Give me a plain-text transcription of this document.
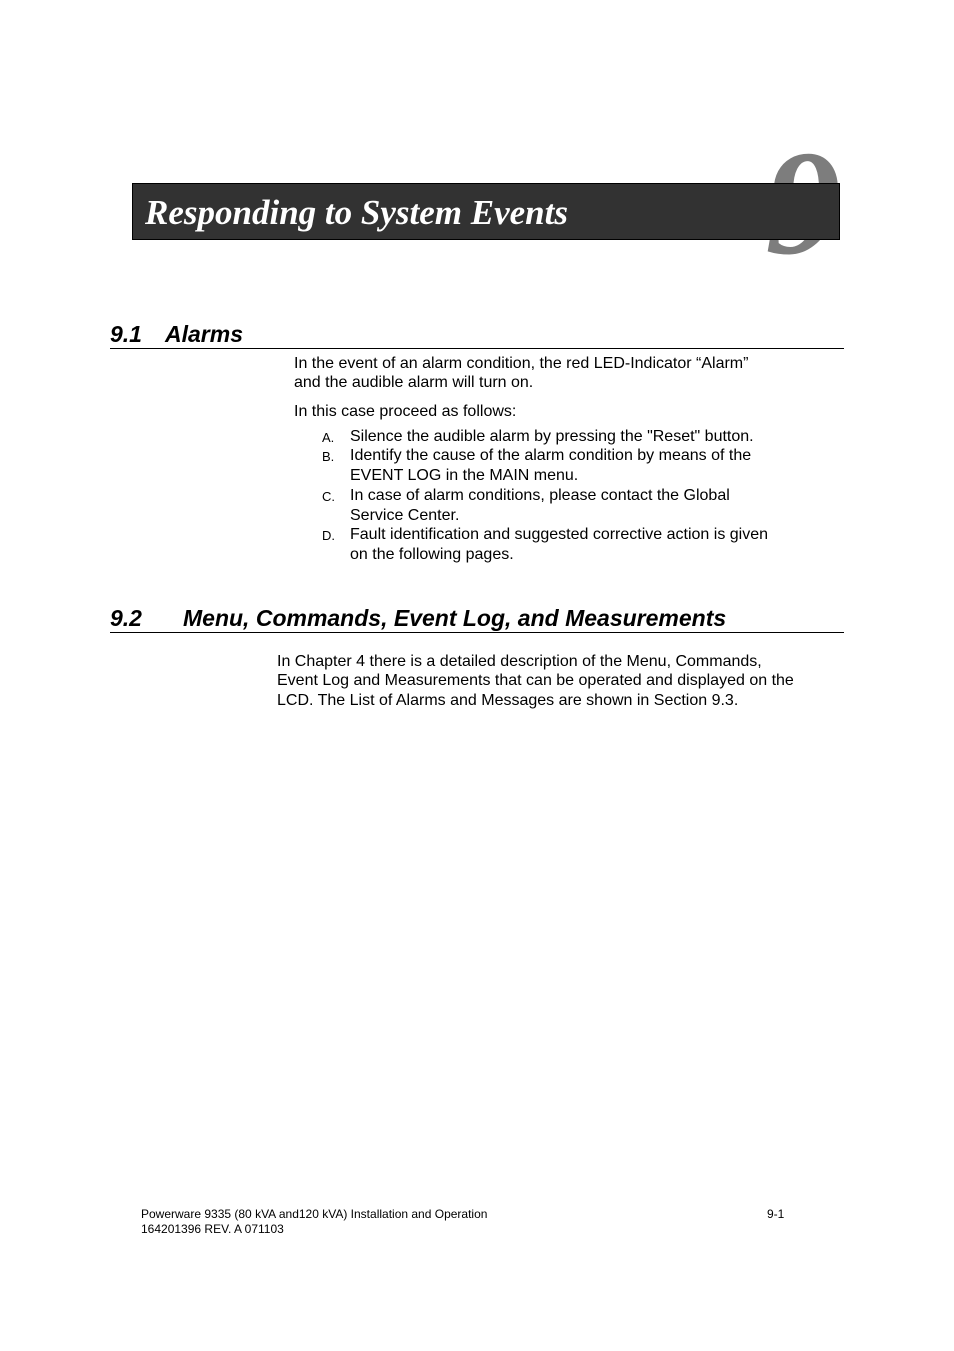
Responding to System Events
9.1 Alarms

In the event of an alarm condition, the red LED-Indicator “Alarm”

and the audible alarm will turn on.

In this case proceed as follows:

A. Silence the audible alarm by pressing the "Reset" button.
B. Identify the cause of the alarm condition by means of the
EVENT LOG in the MAIN menu.
C. In case of alarm conditions, please contact the Global
Service Center.
D. Fault identification and suggested corrective action is given
on the following pages.
9.2 Menu, Commands, Event Log, and Measurements

In Chapter 4 there is a detailed description of the Menu, Commands,

Event Log and Measurements that can be operated and displayed on the

LCD. The List of Alarms and Messages are shown in Section 9.3.

Powerware 9335 (80 kVA and120 kVA) Installation and Operation
164201396 REV. A 071103
9-1
